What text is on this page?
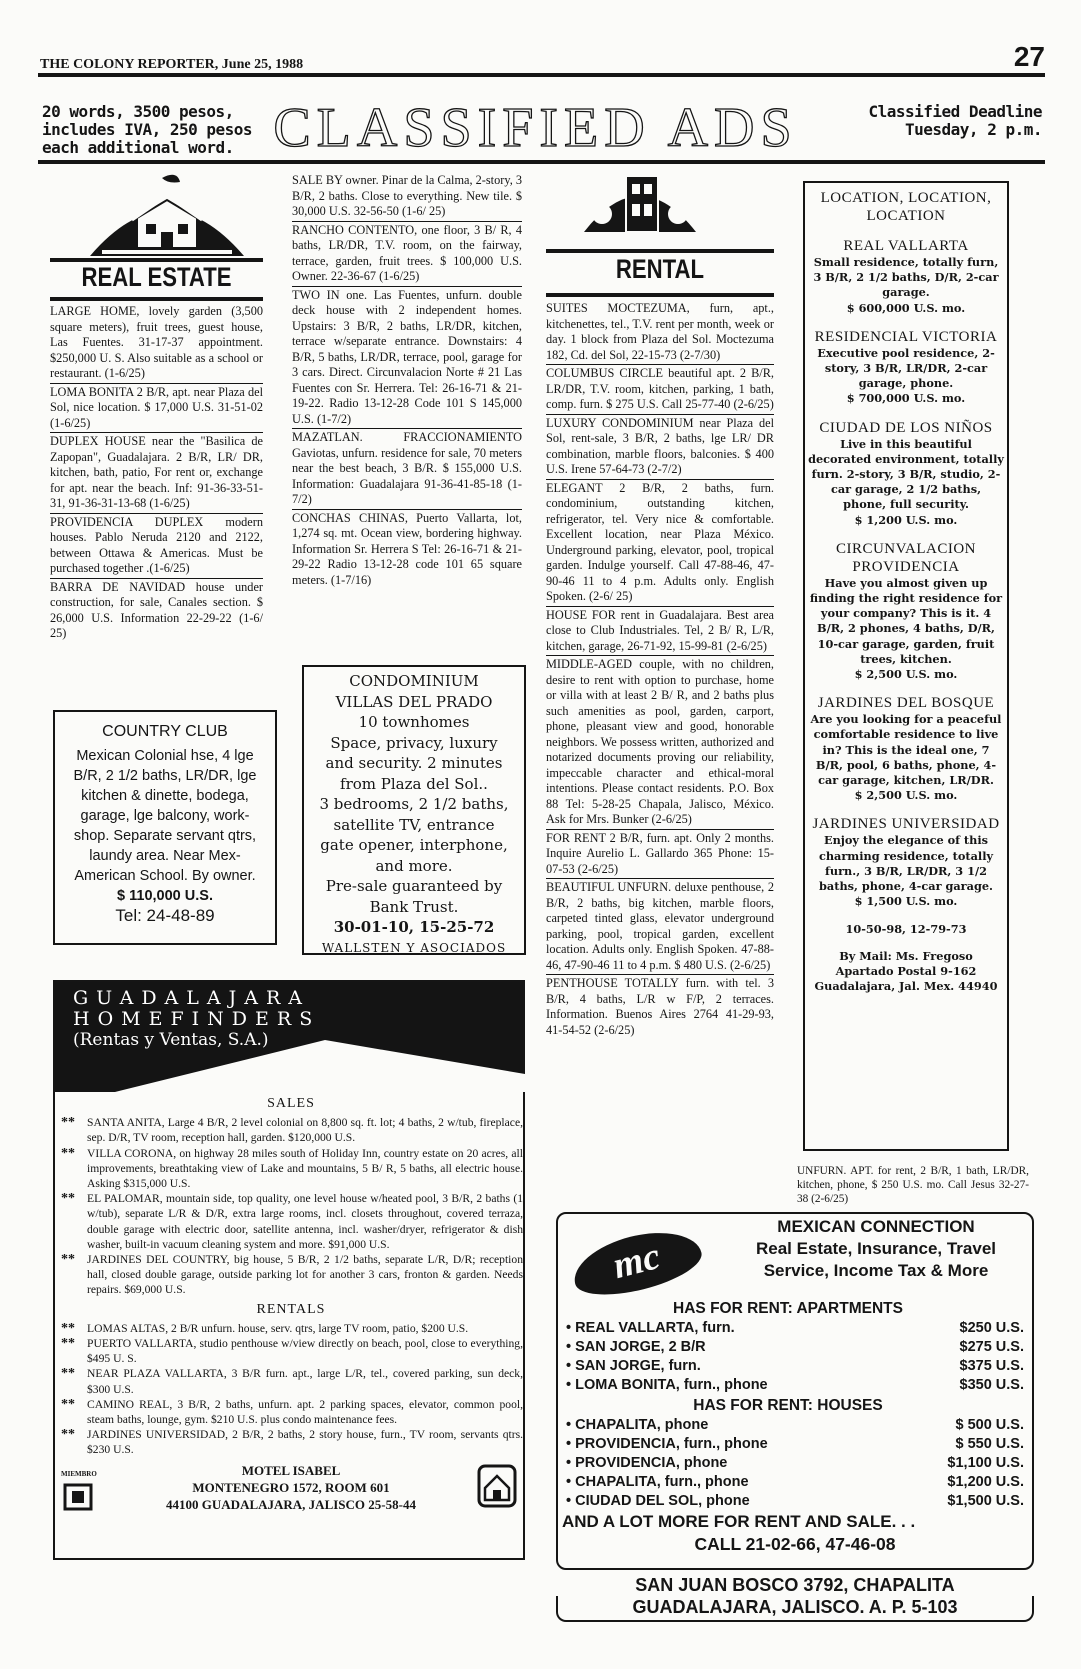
THE COLONY REPORTER, June 25, 1988	27
20 words, 3500 pesos, includes IVA, 250 pesos each additional word. CLASSIFIED ADS	Classified Deadline
Tuesday, 2 p.m.
REAL ESTATE

LARGE HOME, lovely garden (3,500 square meters), fruit trees, guest house, Las Fuentes. 31-17-37 appointment. $250,000 U. S. Also suitable as a school or restaurant. (1-6/25)

LOMA BONITA 2 B/R, apt. near Plaza del Sol, nice location. $ 17,000 U.S. 31-51-02 (1-6/25)

DUPLEX HOUSE near the "Basilica de Zapopan", Guadalajara. 2 B/R, LR/ DR, kitchen, bath, patio, For rent or, exchange for apt. near the beach. Inf: 91-36-33-51-31, 91-36-31-13-68 (1-6/25)

PROVIDENCIA DUPLEX modern houses. Pablo Neruda 2120 and 2122, between Ottawa & Americas. Must be purchased together .(1-6/25)

BARRA DE NAVIDAD house under construction, for sale, Canales section. $ 26,000 U.S. Information 22-29-22 (1-6/ 25)

COUNTRY CLUB
Mexican Colonial hse, 4 lge
B/R, 2 1/2 baths, LR/DR, lge
kitchen & dinette, bodega,
garage, lge balcony, work-
shop. Separate servant qtrs,
laundy area. Near Mex-
American School. By owner.
$ 110,000 U.S.
Tel: 24-48-89

SALE BY owner. Pinar de la Calma, 2-story, 3 B/R, 2 baths. Close to everything. New tile. $ 30,000 U.S. 32-56-50 (1-6/ 25)

RANCHO CONTENTO, one floor, 3 B/ R, 4 baths, LR/DR, T.V. room, on the fairway, terrace, garden, fruit trees. $ 100,000 U.S. Owner. 22-36-67 (1-6/25)

TWO IN one. Las Fuentes, unfurn. double deck house with 2 independent homes. Upstairs: 3 B/R, 2 baths, LR/DR, kitchen, terrace w/separate entrance. Downstairs: 4 B/R, 5 baths, LR/DR, terrace, pool, garage for 3 cars. Direct. Circunvalacion Norte # 21 Las Fuentes con Sr. Herrera. Tel: 26-16-71 & 21-19-22. Radio 13-12-28 Code 101 S 145,000 U.S. (1-7/2)

MAZATLAN. FRACCIONAMIENTO Gaviotas, unfurn. residence for sale, 70 meters near the best beach, 3 B/R. $ 155,000 U.S. Information: Guadalajara 91-36-41-85-18 (1-7/2)

CONCHAS CHINAS, Puerto Vallarta, lot, 1,274 sq. mt. Ocean view, bordering highway. Information Sr. Herrera S Tel: 26-16-71 & 21-29-22 Radio 13-12-28 code 101 65 square meters. (1-7/16)

CONDOMINIUM
VILLAS DEL PRADO
10 townhomes
Space, privacy, luxury
and security. 2 minutes
from Plaza del Sol..
3 bedrooms, 2 1/2 baths,
satellite TV, entrance
gate opener, interphone,
and more.
Pre-sale guaranteed by
Bank Trust.
30-01-10, 15-25-72
WALLSTEN Y ASOCIADOS
GUADALAJARA
HOMEFINDERS
(Rentas y Ventas, S.A.)
SALES
** SANTA ANITA, Large 4 B/R, 2 level colonial on 8,800 sq. ft. lot; 4 baths, 2 w/tub, fireplace, sep. D/R, TV room, reception hall, garden. $120,000 U.S.
** VILLA CORONA, on highway 28 miles south of Holiday Inn, country estate on 20 acres, all improvements, breathtaking view of Lake and mountains, 5 B/ R, 5 baths, all electric house. Asking $315,000 U.S.
** EL PALOMAR, mountain side, top quality, one level house w/heated pool, 3 B/R, 2 baths (1 w/tub), separate L/R & D/R, extra large rooms, incl. closets throughout, covered terraza, double garage with electric door, satellite antenna, incl. washer/dryer, refrigerator & dish washer, built-in vacuum cleaning system and more. $91,000 U.S.
** JARDINES DEL COUNTRY, big house, 5 B/R, 2 1/2 baths, separate L/R, D/R; reception hall, closed double garage, outside parking lot for another 3 cars, fronton & garden. Needs repairs. $69,000 U.S.
RENTALS
** LOMAS ALTAS, 2 B/R unfurn. house, serv. qtrs, large TV room, patio, $200 U.S.
** PUERTO VALLARTA, studio penthouse w/view directly on beach, pool, close to everything, $495 U. S.
** NEAR PLAZA VALLARTA, 3 B/R furn. apt., large L/R, tel., covered parking, sun deck, $300 U.S.
** CAMINO REAL, 3 B/R, 2 baths, unfurn. apt. 2 parking spaces, elevator, common pool, steam baths, lounge, gym. $210 U.S. plus condo maintenance fees.
** JARDINES UNIVERSIDAD, 2 B/R, 2 baths, 2 story house, furn., TV room, servants qtrs. $230 U.S.
MOTEL ISABEL
MONTENEGRO 1572, ROOM 601
44100 GUADALAJARA, JALISCO 25-58-44
MIEMBRO
RENTAL

SUITES MOCTEZUMA, furn, apt., kitchenettes, tel., T.V. rent per month, week or day. 1 block from Plaza del Sol. Moctezuma 182, Cd. del Sol, 22-15-73 (2-7/30)

COLUMBUS CIRCLE beautiful apt. 2 B/R, LR/DR, T.V. room, kitchen, parking, 1 bath, comp. furn. $ 275 U.S. Call 25-77-40 (2-6/25)

LUXURY CONDOMINIUM near Plaza del Sol, rent-sale, 3 B/R, 2 baths, lge LR/ DR combination, marble floors, balconies. $ 400 U.S. Irene 57-64-73 (2-7/2)

ELEGANT 2 B/R, 2 baths, furn. condominium, outstanding kitchen, refrigerator, tel. Very nice & comfortable. Excellent location, near Plaza México. Underground parking, elevator, pool, tropical garden. Indulge yourself. Call 47-88-46, 47-90-46 11 to 4 p.m. Adults only. English Spoken. (2-6/ 25)

HOUSE FOR rent in Guadalajara. Best area close to Club Industriales. Tel, 2 B/ R, L/R, kitchen, garage, 26-71-92, 15-99-81 (2-6/25)

MIDDLE-AGED couple, with no children, desire to rent with option to purchase, home or villa with at least 2 B/ R, and 2 baths plus such amenities as pool, garden, carport, phone, pleasant view and good, honorable neighbors. We possess written, authorized and notarized documents proving our reliability, impeccable character and ethical-moral intentions. Please contact residents. P.O. Box 88 Tel: 5-28-25 Chapala, Jalisco, México. Ask for Mrs. Bunker (2-6/25)

FOR RENT 2 B/R, furn. apt. Only 2 months. Inquire Aurelio L. Gallardo 365 Phone: 15-07-53 (2-6/25)

BEAUTIFUL UNFURN. deluxe penthouse, 2 B/R, 2 baths, big kitchen, marble floors, carpeted tinted glass, elevator underground parking, pool, tropical garden, excellent location. Adults only. English Spoken. 47-88-46, 47-90-46 11 to 4 p.m. $ 480 U.S. (2-6/25)

PENTHOUSE TOTALLY furn. with tel. 3 B/R, 4 baths, L/R w F/P, 2 terraces. Information. Buenos Aires 2764 41-29-93, 41-54-52 (2-6/25)

UNFURN. APT. for rent, 2 B/R, 1 bath, LR/DR, kitchen, phone, $ 250 U.S. mo. Call Jesus 32-27-38 (2-6/25)

LOCATION, LOCATION, LOCATION
REAL VALLARTA
Small residence, totally furn, 3 B/R, 2 1/2 baths, D/R, 2-car garage.
$ 600,000 U.S. mo.
RESIDENCIAL VICTORIA
Executive pool residence, 2-story, 3 B/R, LR/DR, 2-car garage, phone.
$ 700,000 U.S. mo.
CIUDAD DE LOS NIÑOS
Live in this beautiful decorated environment, totally furn. 2-story, 3 B/R, studio, 2- car garage, 2 1/2 baths, phone, full security.
$ 1,200 U.S. mo.
CIRCUNVALACION PROVIDENCIA
Have you almost given up finding the right residence for your company? This is it. 4 B/R, 2 phones, 4 baths, D/R, 10-car garage, garden, fruit trees, kitchen.
$ 2,500 U.S. mo.
JARDINES DEL BOSQUE
Are you looking for a peaceful comfortable residence to live in? This is the ideal one, 7 B/R, pool, 6 baths, phone, 4-car garage, kitchen, LR/DR.
$ 2,500 U.S. mo.
JARDINES UNIVERSIDAD
Enjoy the elegance of this charming residence, totally furn., 3 B/R, LR/DR, 3 1/2 baths, phone, 4-car garage.
$ 1,500 U.S. mo.
10-50-98, 12-79-73
By Mail: Ms. Fregoso
Apartado Postal 9-162
Guadalajara, Jal. Mex. 44940
mc
MEXICAN CONNECTION
Real Estate, Insurance, Travel
Service, Income Tax & More
HAS FOR RENT: APARTMENTS
• REAL VALLARTA, furn.	$250 U.S.
• SAN JORGE, 2 B/R	$275 U.S.
• SAN JORGE, furn.	$375 U.S.
• LOMA BONITA, furn., phone	$350 U.S.
HAS FOR RENT: HOUSES
• CHAPALITA, phone	$ 500 U.S.
• PROVIDENCIA, furn., phone	$ 550 U.S.
• PROVIDENCIA, phone	$1,100 U.S.
• CHAPALITA, furn., phone	$1,200 U.S.
• CIUDAD DEL SOL, phone	$1,500 U.S.
AND A LOT MORE FOR RENT AND SALE. . .
CALL 21-02-66, 47-46-08
SAN JUAN BOSCO 3792, CHAPALITA
GUADALAJARA, JALISCO. A. P. 5-103
